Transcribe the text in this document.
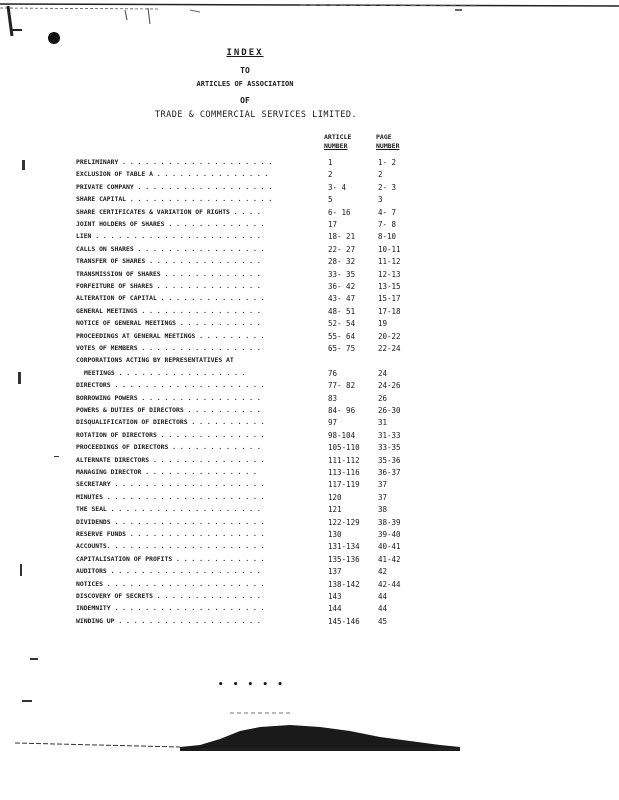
INDEX
TO
ARTICLES OF ASSOCIATION
OF
TRADE & COMMERCIAL SERVICES LIMITED.
ARTICLE
NUMBER
PAGE
NUMBER
PRELIMINARY . . . . . . . . . . . . . . . . . . . .	1	1- 2
EXCLUSION OF TABLE A . . . . . . . . . . . . . . .	2	2
PRIVATE COMPANY . . . . . . . . . . . . . . . . . .	3- 4	2- 3
SHARE CAPITAL . . . . . . . . . . . . . . . . . . .	5	3
SHARE CERTIFICATES & VARIATION OF RIGHTS . . . .	6- 16	4- 7
JOINT HOLDERS OF SHARES . . . . . . . . . . . . .	17	7- 8
LIEN . . . . . . . . . . . . . . . . . . . . . .	18- 21	8-10
CALLS ON SHARES . . . . . . . . . . . . . . . . .	22- 27	10-11
TRANSFER OF SHARES . . . . . . . . . . . . . . .	28- 32	11-12
TRANSMISSION OF SHARES . . . . . . . . . . . . .	33- 35	12-13
FORFEITURE OF SHARES . . . . . . . . . . . . . .	36- 42	13-15
ALTERATION OF CAPITAL . . . . . . . . . . . . . .	43- 47	15-17
GENERAL MEETINGS . . . . . . . . . . . . . . . .	48- 51	17-18
NOTICE OF GENERAL MEETINGS . . . . . . . . . . .	52- 54	19
PROCEEDINGS AT GENERAL MEETINGS . . . . . . . . .	55- 64	20-22
VOTES OF MEMBERS . . . . . . . . . . . . . . . .	65- 75	22-24
CORPORATIONS ACTING BY REPRESENTATIVES AT
MEETINGS . . . . . . . . . . . . . . . . .	76	24
DIRECTORS . . . . . . . . . . . . . . . . . . . .	77- 82	24-26
BORROWING POWERS . . . . . . . . . . . . . . . .	83	26
POWERS & DUTIES OF DIRECTORS . . . . . . . . . .	84- 96	26-30
DISQUALIFICATION OF DIRECTORS . . . . . . . . . .	97	31
ROTATION OF DIRECTORS . . . . . . . . . . . . . .	98-104	31-33
PROCEEDINGS OF DIRECTORS . . . . . . . . . . . .	105-110	33-35
ALTERNATE DIRECTORS . . . . . . . . . . . . . . .	111-112	35-36
MANAGING DIRECTOR . . . . . . . . . . . . . . .	113-116	36-37
SECRETARY . . . . . . . . . . . . . . . . . . . .	117-119	37
MINUTES . . . . . . . . . . . . . . . . . . . . .	120	37
THE SEAL . . . . . . . . . . . . . . . . . . . .	121	38
DIVIDENDS . . . . . . . . . . . . . . . . . . . .	122-129	38-39
RESERVE FUNDS . . . . . . . . . . . . . . . . . .	130	39-40
ACCOUNTS. . . . . . . . . . . . . . . . . . . . .	131-134	40-41
CAPITALISATION OF PROFITS . . . . . . . . . . . .	135-136	41-42
AUDITORS . . . . . . . . . . . . . . . . . . . .	137	42
NOTICES . . . . . . . . . . . . . . . . . . . . .	138-142	42-44
DISCOVERY OF SECRETS . . . . . . . . . . . . . .	143	44
INDEMNITY . . . . . . . . . . . . . . . . . . . .	144	44
WINDING UP . . . . . . . . . . . . . . . . . . .	145-146	45
• • • • •
